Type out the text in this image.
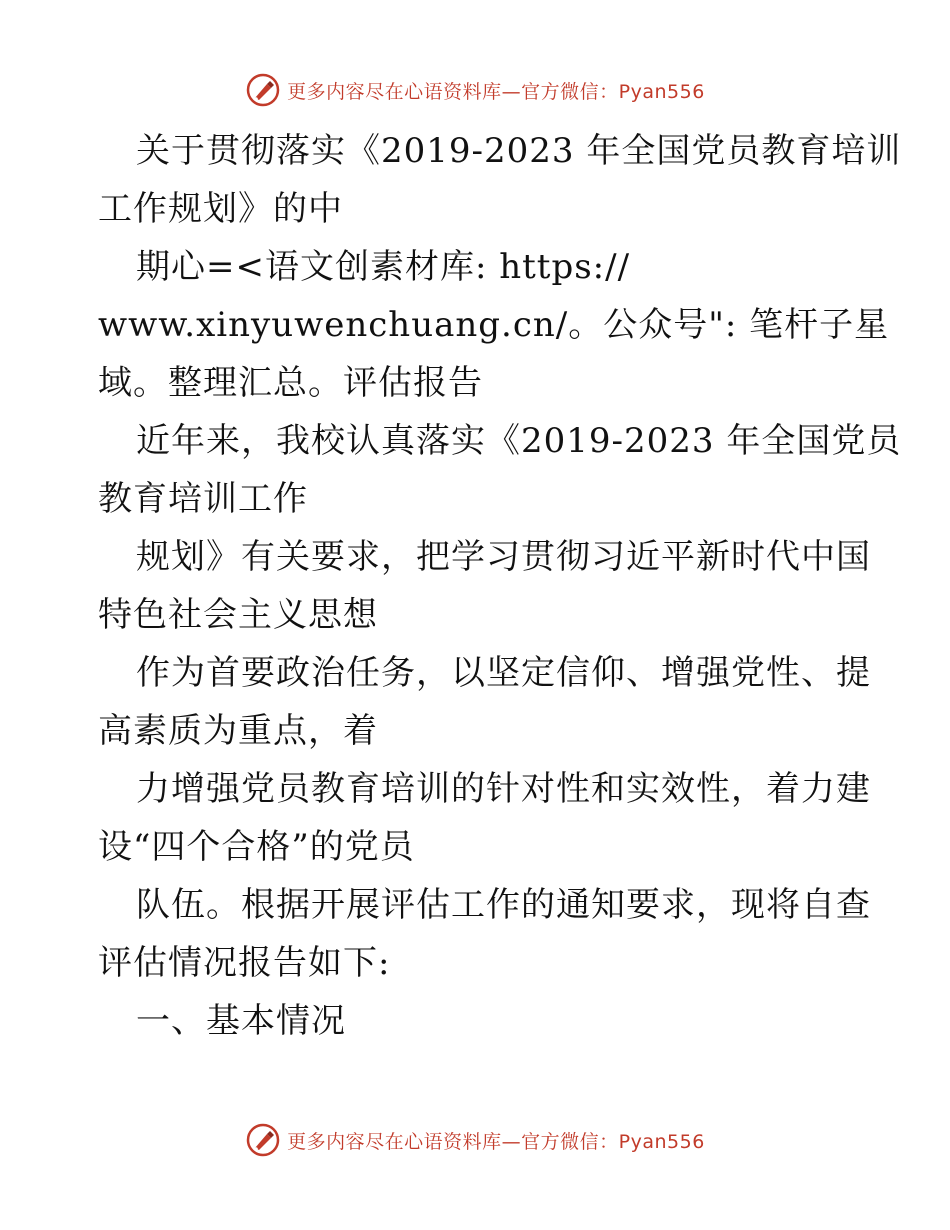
更多内容尽在心语资料库—官方微信：Pyan556
关于贯彻落实《2019-2023 年全国党员教育培训
工作规划》的中
期心=<语文创素材库: https://
www.xinyuwenchuang.cn/。公众号": 笔杆子星
域。整理汇总。评估报告
近年来，我校认真落实《2019-2023 年全国党员
教育培训工作
规划》有关要求，把学习贯彻习近平新时代中国
特色社会主义思想
作为首要政治任务，以坚定信仰、增强党性、提
高素质为重点，着
力增强党员教育培训的针对性和实效性，着力建
设“四个合格”的党员
队伍。根据开展评估工作的通知要求，现将自查
评估情况报告如下:
一、基本情况
更多内容尽在心语资料库—官方微信：Pyan556
